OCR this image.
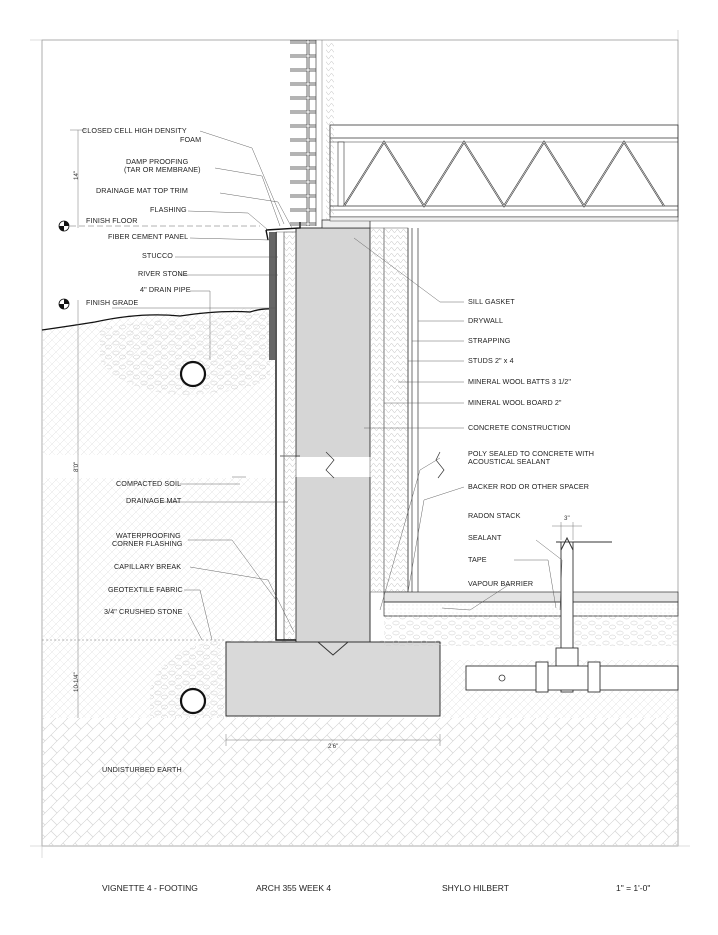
CLOSED CELL HIGH DENSITY
FOAM
DAMP PROOFING
(TAR OR MEMBRANE)
DRAINAGE MAT TOP TRIM
FLASHING
FINISH FLOOR
FIBER CEMENT PANEL
STUCCO
RIVER STONE
4" DRAIN PIPE
FINISH GRADE
COMPACTED SOIL
DRAINAGE MAT
WATERPROOFING
CORNER FLASHING
CAPILLARY BREAK
GEOTEXTILE FABRIC
3/4" CRUSHED STONE
UNDISTURBED EARTH
SILL GASKET
DRYWALL
STRAPPING
STUDS 2" x 4
MINERAL WOOL BATTS 3 1/2"
MINERAL WOOL BOARD 2"
CONCRETE CONSTRUCTION
POLY SEALED TO CONCRETE WITH
ACOUSTICAL SEALANT
BACKER ROD OR OTHER SPACER
RADON STACK
SEALANT
TAPE
VAPOUR BARRIER
14"
8'0"
10-1/4"
2'6"
3"
VIGNETTE 4 - FOOTING	ARCH 355 WEEK 4	SHYLO HILBERT	1" = 1'-0"
